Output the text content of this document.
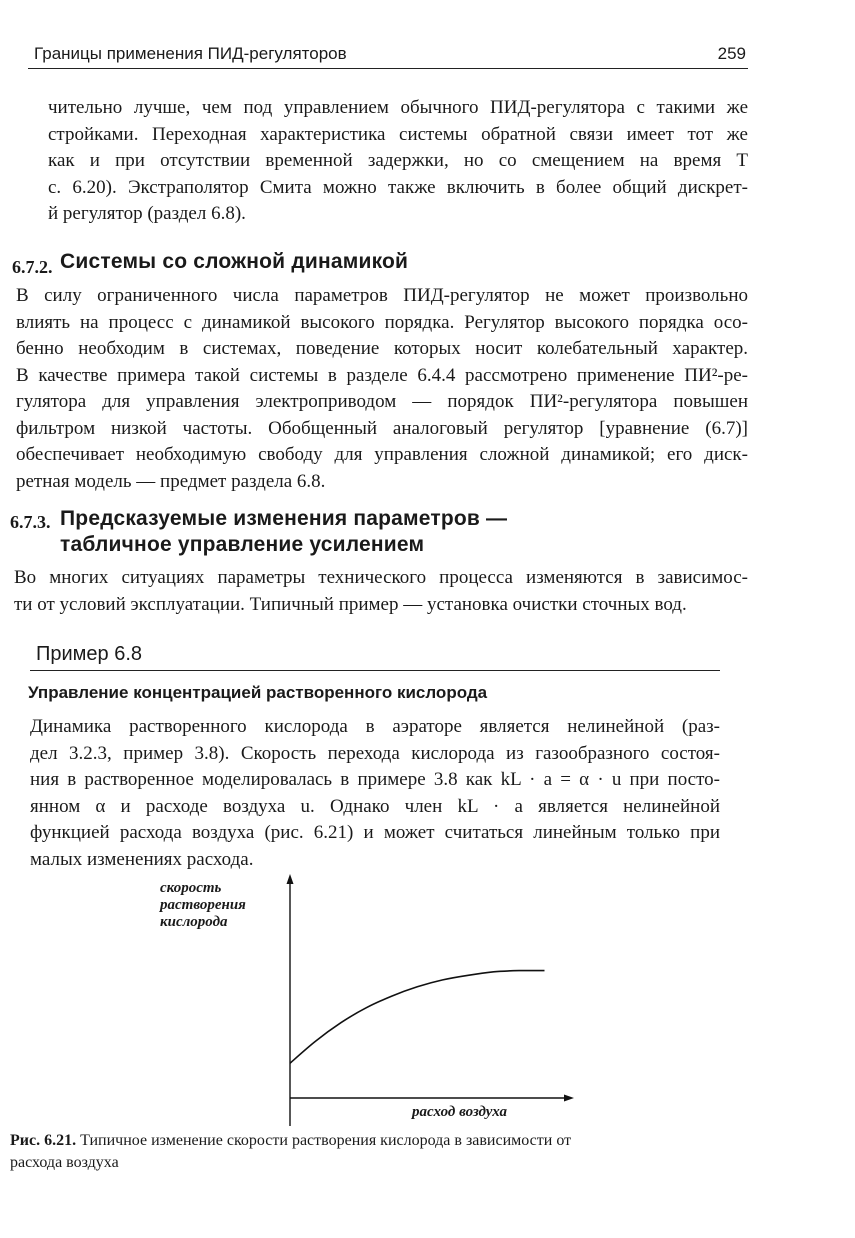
Границы применения ПИД-регуляторов	259
чительно лучше, чем под управлением обычного ПИД-регулятора с такими же
стройками. Переходная характеристика системы обратной связи имеет тот же
как и при отсутствии временной задержки, но со смещением на время T
с. 6.20). Экстраполятор Смита можно также включить в более общий дискрет-
й регулятор (раздел 6.8).
6.7.2. Системы со сложной динамикой
В силу ограниченного числа параметров ПИД-регулятор не может произвольно
влиять на процесс с динамикой высокого порядка. Регулятор высокого порядка осо-
бенно необходим в системах, поведение которых носит колебательный характер.
В качестве примера такой системы в разделе 6.4.4 рассмотрено применение ПИ²-ре-
гулятора для управления электроприводом — порядок ПИ²-регулятора повышен
фильтром низкой частоты. Обобщенный аналоговый регулятор [уравнение (6.7)]
обеспечивает необходимую свободу для управления сложной динамикой; его диск-
ретная модель — предмет раздела 6.8.
6.7.3. Предсказуемые изменения параметров —
табличное управление усилением
Во многих ситуациях параметры технического процесса изменяются в зависимос-
ти от условий эксплуатации. Типичный пример — установка очистки сточных вод.
Пример 6.8
Управление концентрацией растворенного кислорода
Динамика растворенного кислорода в аэраторе является нелинейной (раз-
дел 3.2.3, пример 3.8). Скорость перехода кислорода из газообразного состоя-
ния в растворенное моделировалась в примере 3.8 как kL · a = α · u при посто-
янном α и расходе воздуха u. Однако член kL · a является нелинейной
функцией расхода воздуха (рис. 6.21) и может считаться линейным только при
малых изменениях расхода.
скорость
растворения
кислорода
расход воздуха
Рис. 6.21. Типичное изменение скорости растворения кислорода в зависимости от
расхода воздуха
